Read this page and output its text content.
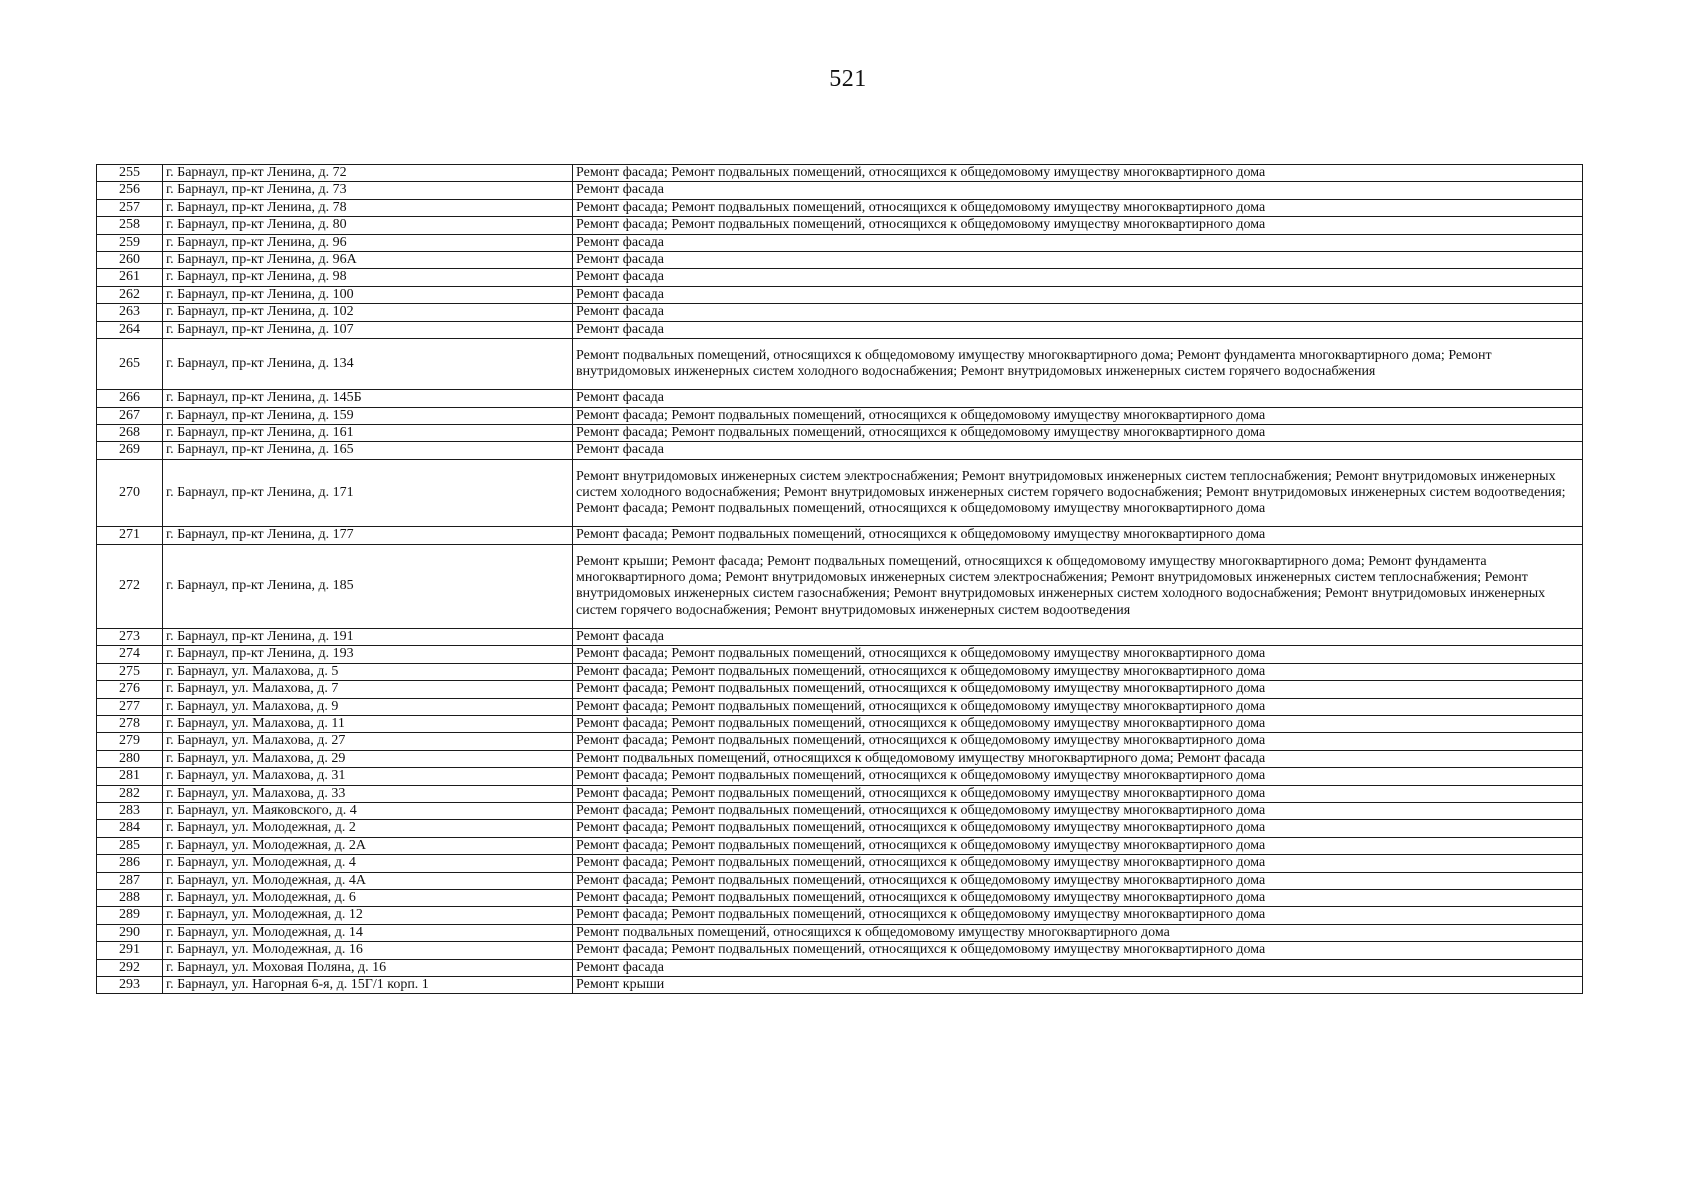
521
255	г. Барнаул, пр-кт Ленина, д. 72	Ремонт фасада; Ремонт подвальных помещений, относящихся к общедомовому имуществу многоквартирного дома
256	г. Барнаул, пр-кт Ленина, д. 73	Ремонт фасада
257	г. Барнаул, пр-кт Ленина, д. 78	Ремонт фасада; Ремонт подвальных помещений, относящихся к общедомовому имуществу многоквартирного дома
258	г. Барнаул, пр-кт Ленина, д. 80	Ремонт фасада; Ремонт подвальных помещений, относящихся к общедомовому имуществу многоквартирного дома
259	г. Барнаул, пр-кт Ленина, д. 96	Ремонт фасада
260	г. Барнаул, пр-кт Ленина, д. 96А	Ремонт фасада
261	г. Барнаул, пр-кт Ленина, д. 98	Ремонт фасада
262	г. Барнаул, пр-кт Ленина, д. 100	Ремонт фасада
263	г. Барнаул, пр-кт Ленина, д. 102	Ремонт фасада
264	г. Барнаул, пр-кт Ленина, д. 107	Ремонт фасада
265	г. Барнаул, пр-кт Ленина, д. 134	Ремонт подвальных помещений, относящихся к общедомовому имуществу многоквартирного дома; Ремонт фундамента многоквартирного дома; Ремонт внутридомовых инженерных систем холодного водоснабжения; Ремонт внутридомовых инженерных систем горячего водоснабжения
266	г. Барнаул, пр-кт Ленина, д. 145Б	Ремонт фасада
267	г. Барнаул, пр-кт Ленина, д. 159	Ремонт фасада; Ремонт подвальных помещений, относящихся к общедомовому имуществу многоквартирного дома
268	г. Барнаул, пр-кт Ленина, д. 161	Ремонт фасада; Ремонт подвальных помещений, относящихся к общедомовому имуществу многоквартирного дома
269	г. Барнаул, пр-кт Ленина, д. 165	Ремонт фасада
270	г. Барнаул, пр-кт Ленина, д. 171	Ремонт внутридомовых инженерных систем электроснабжения; Ремонт внутридомовых инженерных систем теплоснабжения; Ремонт внутридомовых инженерных систем холодного водоснабжения; Ремонт внутридомовых инженерных систем горячего водоснабжения; Ремонт внутридомовых инженерных систем водоотведения; Ремонт фасада; Ремонт подвальных помещений, относящихся к общедомовому имуществу многоквартирного дома
271	г. Барнаул, пр-кт Ленина, д. 177	Ремонт фасада; Ремонт подвальных помещений, относящихся к общедомовому имуществу многоквартирного дома
272	г. Барнаул, пр-кт Ленина, д. 185	Ремонт крыши; Ремонт фасада; Ремонт подвальных помещений, относящихся к общедомовому имуществу многоквартирного дома; Ремонт фундамента многоквартирного дома; Ремонт внутридомовых инженерных систем электроснабжения; Ремонт внутридомовых инженерных систем теплоснабжения; Ремонт внутридомовых инженерных систем газоснабжения; Ремонт внутридомовых инженерных систем холодного водоснабжения; Ремонт внутридомовых инженерных систем горячего водоснабжения; Ремонт внутридомовых инженерных систем водоотведения
273	г. Барнаул, пр-кт Ленина, д. 191	Ремонт фасада
274	г. Барнаул, пр-кт Ленина, д. 193	Ремонт фасада; Ремонт подвальных помещений, относящихся к общедомовому имуществу многоквартирного дома
275	г. Барнаул, ул. Малахова, д. 5	Ремонт фасада; Ремонт подвальных помещений, относящихся к общедомовому имуществу многоквартирного дома
276	г. Барнаул, ул. Малахова, д. 7	Ремонт фасада; Ремонт подвальных помещений, относящихся к общедомовому имуществу многоквартирного дома
277	г. Барнаул, ул. Малахова, д. 9	Ремонт фасада; Ремонт подвальных помещений, относящихся к общедомовому имуществу многоквартирного дома
278	г. Барнаул, ул. Малахова, д. 11	Ремонт фасада; Ремонт подвальных помещений, относящихся к общедомовому имуществу многоквартирного дома
279	г. Барнаул, ул. Малахова, д. 27	Ремонт фасада; Ремонт подвальных помещений, относящихся к общедомовому имуществу многоквартирного дома
280	г. Барнаул, ул. Малахова, д. 29	Ремонт подвальных помещений, относящихся к общедомовому имуществу многоквартирного дома; Ремонт фасада
281	г. Барнаул, ул. Малахова, д. 31	Ремонт фасада; Ремонт подвальных помещений, относящихся к общедомовому имуществу многоквартирного дома
282	г. Барнаул, ул. Малахова, д. 33	Ремонт фасада; Ремонт подвальных помещений, относящихся к общедомовому имуществу многоквартирного дома
283	г. Барнаул, ул. Маяковского, д. 4	Ремонт фасада; Ремонт подвальных помещений, относящихся к общедомовому имуществу многоквартирного дома
284	г. Барнаул, ул. Молодежная, д. 2	Ремонт фасада; Ремонт подвальных помещений, относящихся к общедомовому имуществу многоквартирного дома
285	г. Барнаул, ул. Молодежная, д. 2А	Ремонт фасада; Ремонт подвальных помещений, относящихся к общедомовому имуществу многоквартирного дома
286	г. Барнаул, ул. Молодежная, д. 4	Ремонт фасада; Ремонт подвальных помещений, относящихся к общедомовому имуществу многоквартирного дома
287	г. Барнаул, ул. Молодежная, д. 4А	Ремонт фасада; Ремонт подвальных помещений, относящихся к общедомовому имуществу многоквартирного дома
288	г. Барнаул, ул. Молодежная, д. 6	Ремонт фасада; Ремонт подвальных помещений, относящихся к общедомовому имуществу многоквартирного дома
289	г. Барнаул, ул. Молодежная, д. 12	Ремонт фасада; Ремонт подвальных помещений, относящихся к общедомовому имуществу многоквартирного дома
290	г. Барнаул, ул. Молодежная, д. 14	Ремонт подвальных помещений, относящихся к общедомовому имуществу многоквартирного дома
291	г. Барнаул, ул. Молодежная, д. 16	Ремонт фасада; Ремонт подвальных помещений, относящихся к общедомовому имуществу многоквартирного дома
292	г. Барнаул, ул. Моховая Поляна, д. 16	Ремонт фасада
293	г. Барнаул, ул. Нагорная 6-я, д. 15Г/1 корп. 1	Ремонт крыши
